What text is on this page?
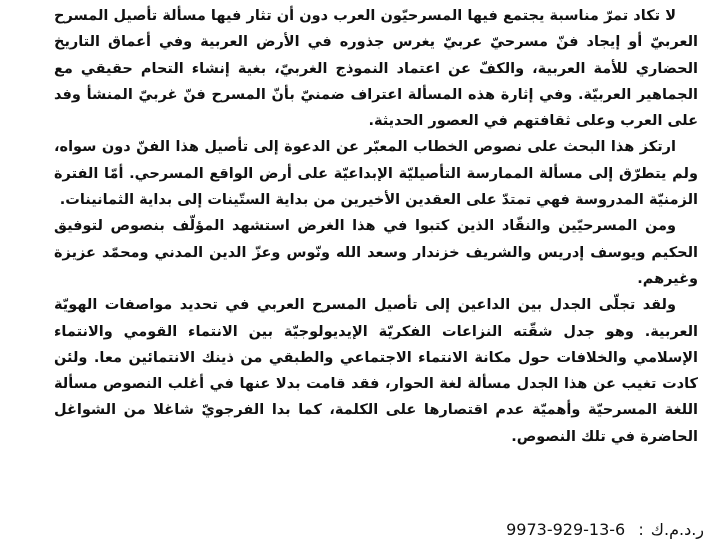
لا تكاد تمرّ مناسبة يجتمع فيها المسرحيّون العرب دون أن تثار فيها مسألة تأصيل المسرح العربيّ أو إيجاد فنّ مسرحيّ عربيّ يغرس جذوره في الأرض العربية وفي أعماق التاريخ الحضاري للأمة العربية، والكفّ عن اعتماد النموذج الغربيّ، بغية إنشاء التحام حقيقي مع الجماهير العربيّة. وفي إثارة هذه المسألة اعتراف ضمنيّ بأنّ المسرح فنّ غربيّ المنشأ وفد على العرب وعلى ثقافتهم في العصور الحديثة.

ارتكز هذا البحث على نصوص الخطاب المعبّر عن الدعوة إلى تأصيل هذا الفنّ دون سواه، ولم يتطرّق إلى مسألة الممارسة التأصيليّة الإبداعيّة على أرض الواقع المسرحي. أمّا الفترة الزمنيّة المدروسة فهي تمتدّ على العقدين الأخيرين من بداية الستّينات إلى بداية الثمانينات.

ومن المسرحيّين والنقّاد الذين كتبوا في هذا الغرض استشهد المؤلّف بنصوص لتوفيق الحكيم ويوسف إدريس والشريف خزندار وسعد الله ونّوس وعزّ الدين المدني ومحمّد عزيزة وغيرهم.

ولقد تجلّى الجدل بين الداعين إلى تأصيل المسرح العربي في تحديد مواصفات الهويّة العربية. وهو جدل شقّته النزاعات الفكريّة الإيديولوجيّة بين الانتماء القومي والانتماء الإسلامي والخلافات حول مكانة الانتماء الاجتماعي والطبقي من ذينك الانتمائين معا. ولئن كادت تغيب عن هذا الجدل مسألة لغة الحوار، فقد قامت بدلا عنها في أغلب النصوص مسألة اللغة المسرحيّة وأهميّة عدم اقتصارها على الكلمة، كما بدا الفرجويّ شاغلا من الشواغل الحاضرة في تلك النصوص.

ر.د.م.ك : 9973-929-13-6
